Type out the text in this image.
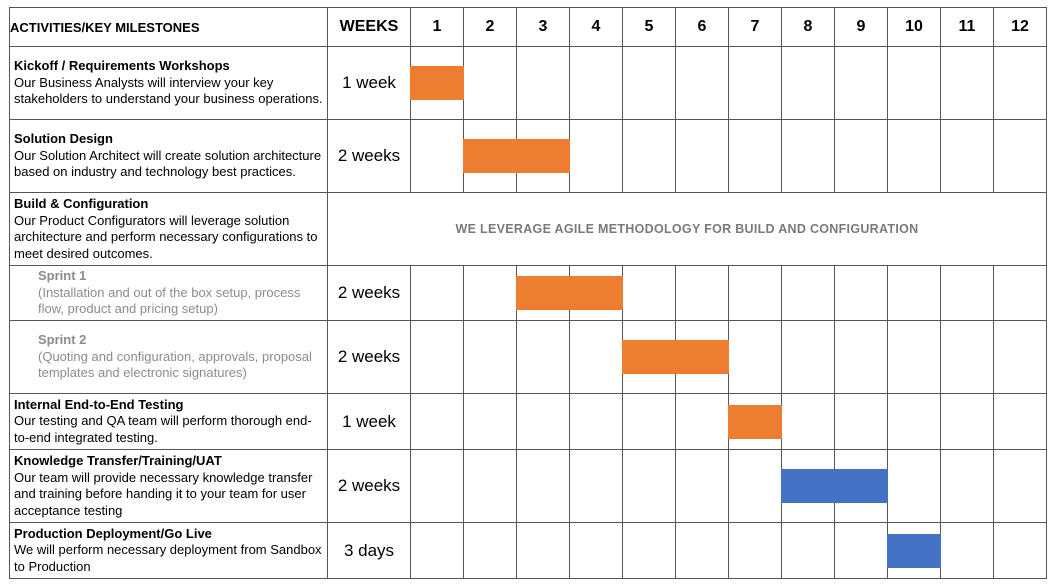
ACTIVITIES/KEY MILESTONES	WEEKS	1	2	3	4	5	6	7	8	9	10	11	12

Kickoff / Requirements Workshops
Our Business Analysts will interview your key stakeholders to understand your business operations.	1 week	

Solution Design
Our Solution Architect will create solution architecture based on industry and technology best practices.	2 weeks		

Build & Configuration
Our Product Configurators will leverage solution architecture and perform necessary configurations to meet desired outcomes.	WE LEVERAGE AGILE METHODOLOGY FOR BUILD AND CONFIGURATION												

Sprint 1
(Installation and out of the box setup, process flow, product and pricing setup)	2 weeks			

Sprint 2
(Quoting and configuration, approvals, proposal templates and electronic signatures)	2 weeks					

Internal End-to-End Testing
Our testing and QA team will perform thorough end-to-end integrated testing.	1 week							

Knowledge Transfer/Training/UAT
Our team will provide necessary knowledge transfer and training before handing it to your team for user acceptance testing	2 weeks								

Production Deployment/Go Live
We will perform necessary deployment from Sandbox to Production	3 days										
